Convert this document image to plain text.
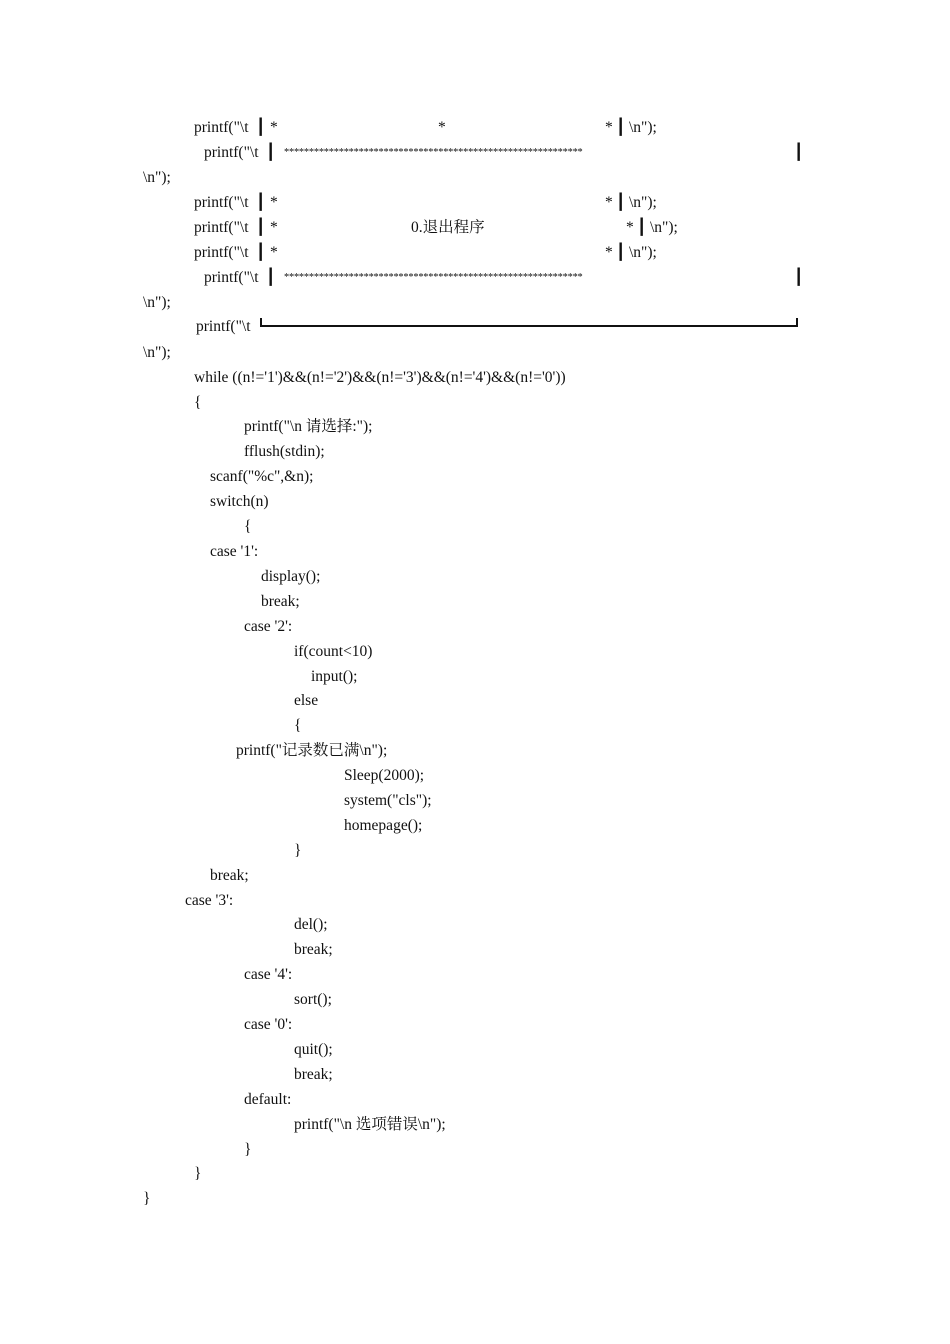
printf("\t ┃ *	*	* ┃ \n");
printf("\t ┃ ************************************************************	┃
\n");
printf("\t ┃ *	* ┃ \n");
printf("\t ┃ *	0.退出程序	* ┃ \n");
printf("\t ┃ *	* ┃ \n");
printf("\t ┃ ************************************************************	┃
\n");
printf("\t
\n");
while ((n!='1')&&(n!='2')&&(n!='3')&&(n!='4')&&(n!='0'))
{
printf("\n 请选择:");
fflush(stdin);
scanf("%c",&n);
switch(n)
{
case '1':
display();
break;
case '2':
if(count<10)
input();
else
{
printf("记录数已满\n");
Sleep(2000);
system("cls");
homepage();
}
break;
case '3':
del();
break;
case '4':
sort();
case '0':
quit();
break;
default:
printf("\n 选项错误\n");
}
}
}
